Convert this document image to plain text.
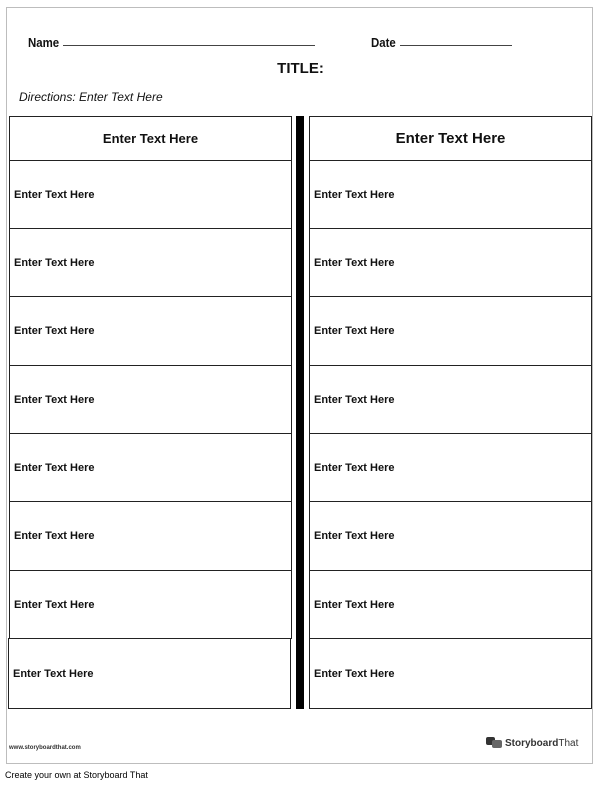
Name	Date
TITLE:
Directions: Enter Text Here
Enter Text Here
Enter Text Here
Enter Text Here
Enter Text Here
Enter Text Here
Enter Text Here
Enter Text Here
Enter Text Here
Enter Text Here
Enter Text Here
Enter Text Here
Enter Text Here
Enter Text Here
Enter Text Here
Enter Text Here
Enter Text Here
Enter Text Here
Enter Text Here
www.storyboardthat.com	StoryboardThat
Create your own at Storyboard That
